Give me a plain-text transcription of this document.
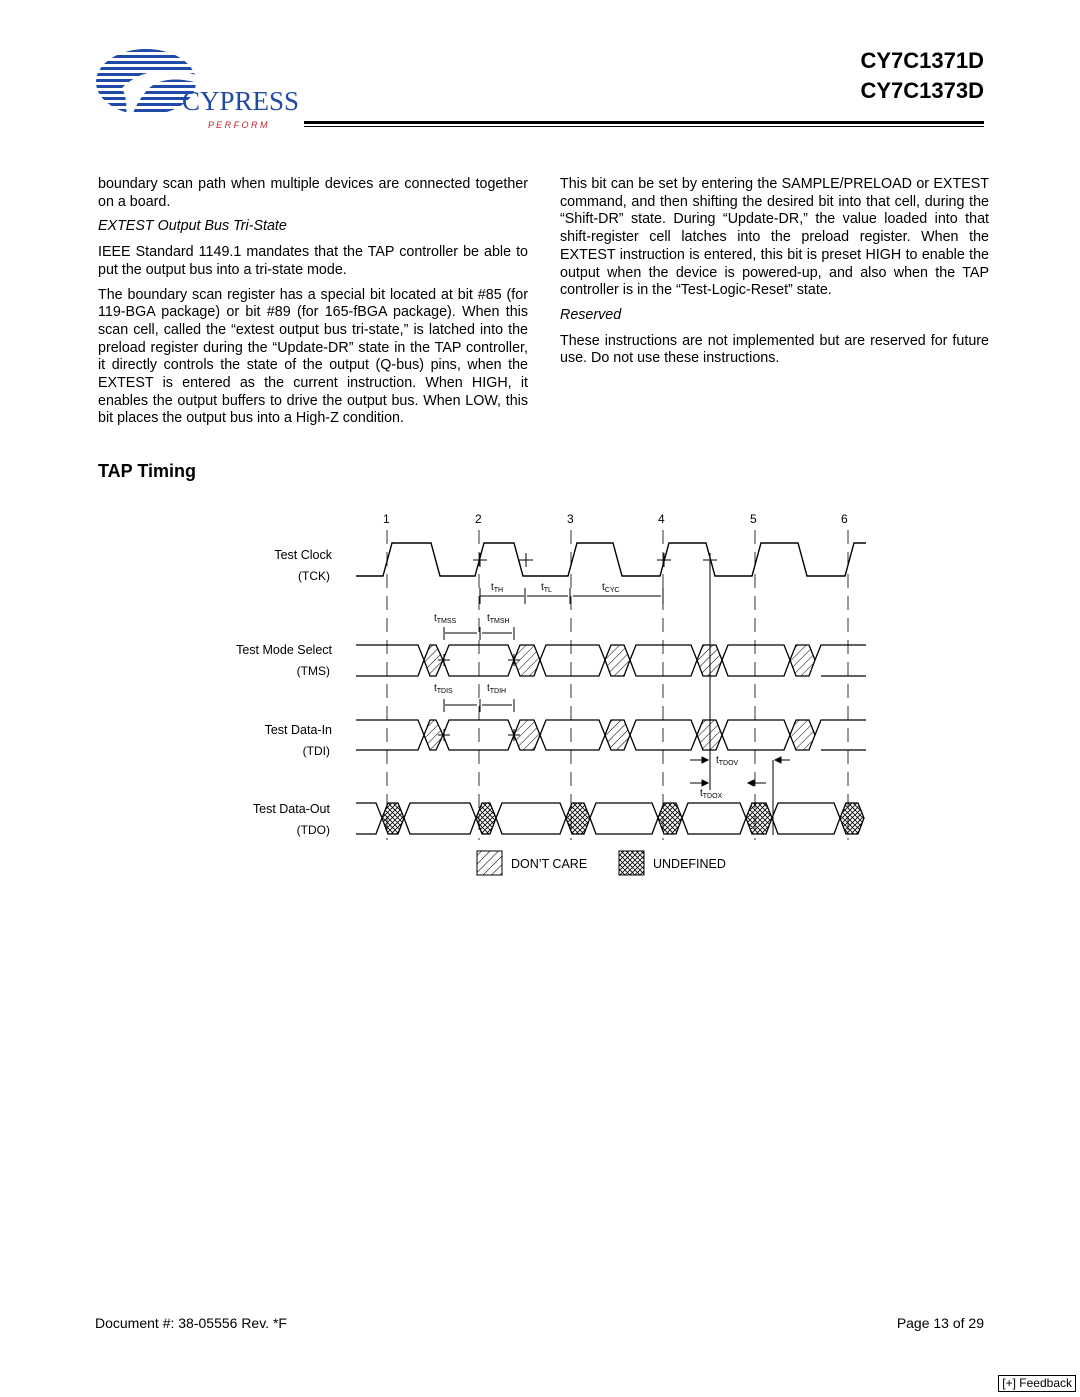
CYPRESS
P E R F O R M
CY7C1371D
CY7C1373D

boundary scan path when multiple devices are connected together on a board.

EXTEST Output Bus Tri-State

IEEE Standard 1149.1 mandates that the TAP controller be able to put the output bus into a tri-state mode.

The boundary scan register has a special bit located at bit #85 (for 119-BGA package) or bit #89 (for 165-fBGA package). When this scan cell, called the “extest output bus tri-state,” is latched into the preload register during the “Update-DR” state in the TAP controller, it directly controls the state of the output (Q-bus) pins, when the EXTEST is entered as the current instruction. When HIGH, it enables the output buffers to drive the output bus. When LOW, this bit places the output bus into a High-Z condition.

This bit can be set by entering the SAMPLE/PRELOAD or EXTEST command, and then shifting the desired bit into that cell, during the “Shift-DR” state. During “Update-DR,” the value loaded into that shift-register cell latches into the preload register. When the EXTEST instruction is entered, this bit is preset HIGH to enable the output when the device is powered-up, and also when the TAP controller is in the “Test-Logic-Reset” state.

Reserved

These instructions are not implemented but are reserved for future use. Do not use these instructions.

TAP Timing
1	2	3	4	5	6
Test Clock
(TCK)
Test Mode Select
(TMS)
Test Data-In
(TDI)
Test Data-Out
(TDO)
$t_{TH}$	$t_{TL}$	$t_{CYC}$
$t_{TMSS}$	$t_{TMSH}$
$t_{TDIS}$	$t_{TDIH}$
$t_{TDOV}$
$t_{TDOX}$
DON’T CARE	UNDEFINED
Document #: 38-05556 Rev. *F	Page 13 of 29
[+] Feedback
